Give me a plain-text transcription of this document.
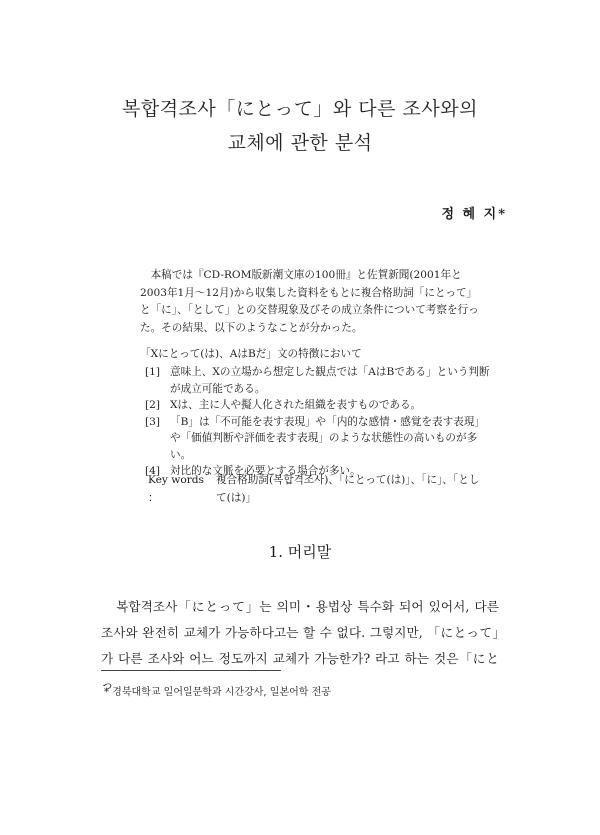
복합격조사「にとって」와 다른 조사와의
교체에 관한 분석
정 혜 지*
本稿では『CD-ROM版新潮文庫の100冊』と佐賀新聞(2001年と2003年1月～12月)から収集した資料をもとに複合格助詞「にとって」と「に」、「として」との交替現象及びその成立条件について考察を行った。その結果、以下のようなことが分かった。
「Xにとって(は)、AはBだ」文の特徴において
[1] 意味上、Xの立場から想定した観点では「AはBである」という判断が成立可能である。
[2] Xは、主に人や擬人化された組織を表すものである。
[3] 「B」は「不可能を表す表現」や「内的な感情・感覚を表す表現」や「価値判断や評価を表す表現」のような状態性の高いものが多い。
[4] 対比的な文脈を必要とする場合が多い。
Key words ：
複合格助詞(복합격조사)、「にとって(は)」、「に」、「として(は)」
1. 머리말
복합격조사「にとって」는 의미・용법상 특수화 되어 있어서, 다른 조사와 완전히 교체가 가능하다고는 할 수 없다. 그렇지만, 「にとって」가 다른 조사와 어느 정도까지 교체가 가능한가? 라고 하는 것은「にとっ
* 경북대학교 일어일문학과 시간강사, 일본어학 전공
